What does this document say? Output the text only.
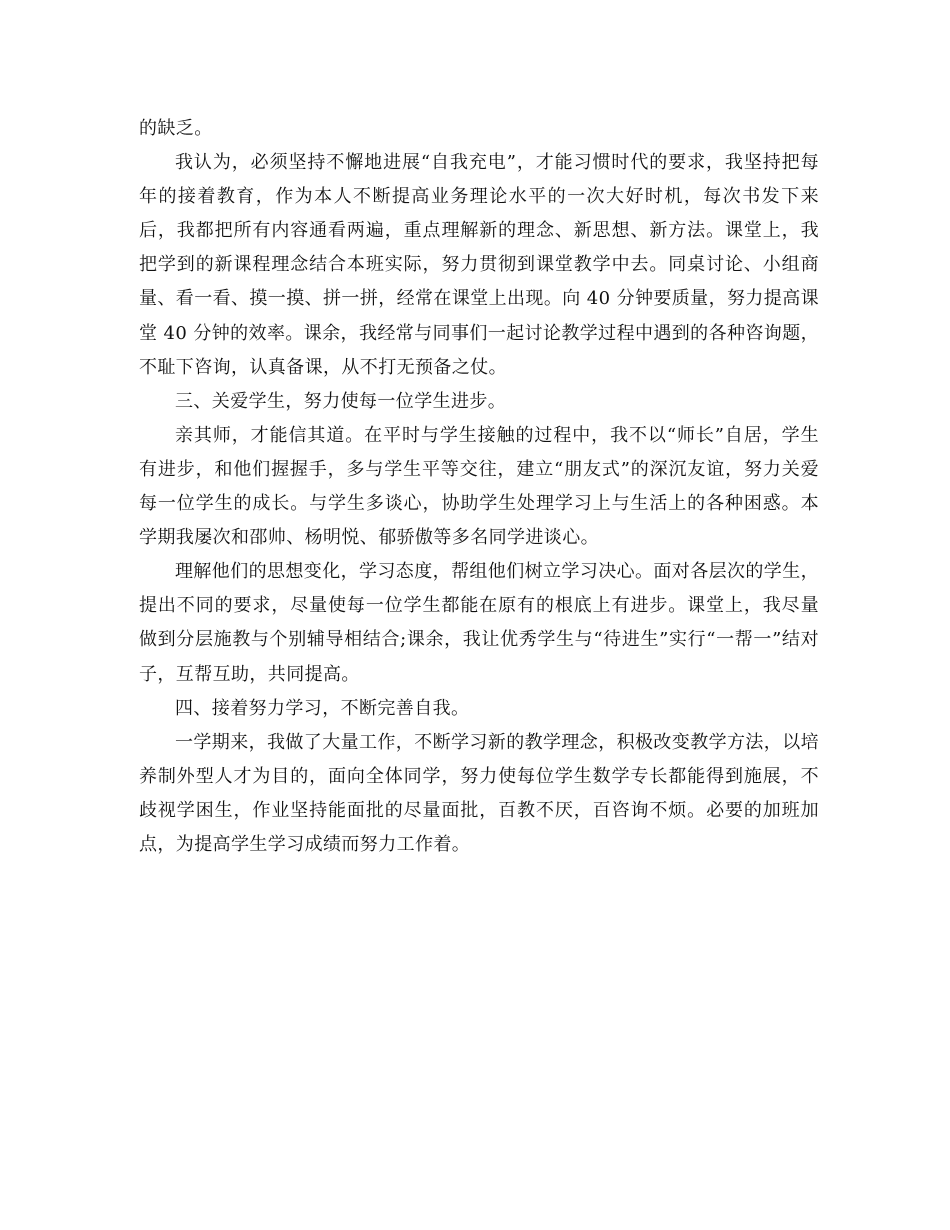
的缺乏。

我认为，必须坚持不懈地进展“自我充电”，才能习惯时代的要求，我坚持把每年的接着教育，作为本人不断提高业务理论水平的一次大好时机，每次书发下来后，我都把所有内容通看两遍，重点理解新的理念、新思想、新方法。课堂上，我把学到的新课程理念结合本班实际，努力贯彻到课堂教学中去。同桌讨论、小组商量、看一看、摸一摸、拼一拼，经常在课堂上出现。向 40 分钟要质量，努力提高课堂 40 分钟的效率。课余，我经常与同事们一起讨论教学过程中遇到的各种咨询题，不耻下咨询，认真备课，从不打无预备之仗。

三、关爱学生，努力使每一位学生进步。

亲其师，才能信其道。在平时与学生接触的过程中，我不以“师长”自居，学生有进步，和他们握握手，多与学生平等交往，建立“朋友式”的深沉友谊，努力关爱每一位学生的成长。与学生多谈心，协助学生处理学习上与生活上的各种困惑。本学期我屡次和邵帅、杨明悦、郁骄傲等多名同学进谈心。

理解他们的思想变化，学习态度，帮组他们树立学习决心。面对各层次的学生，提出不同的要求，尽量使每一位学生都能在原有的根底上有进步。课堂上，我尽量做到分层施教与个别辅导相结合;课余，我让优秀学生与“待进生”实行“一帮一”结对子，互帮互助，共同提高。

四、接着努力学习，不断完善自我。

一学期来，我做了大量工作，不断学习新的教学理念，积极改变教学方法，以培养制外型人才为目的，面向全体同学，努力使每位学生数学专长都能得到施展，不歧视学困生，作业坚持能面批的尽量面批，百教不厌，百咨询不烦。必要的加班加点，为提高学生学习成绩而努力工作着。
